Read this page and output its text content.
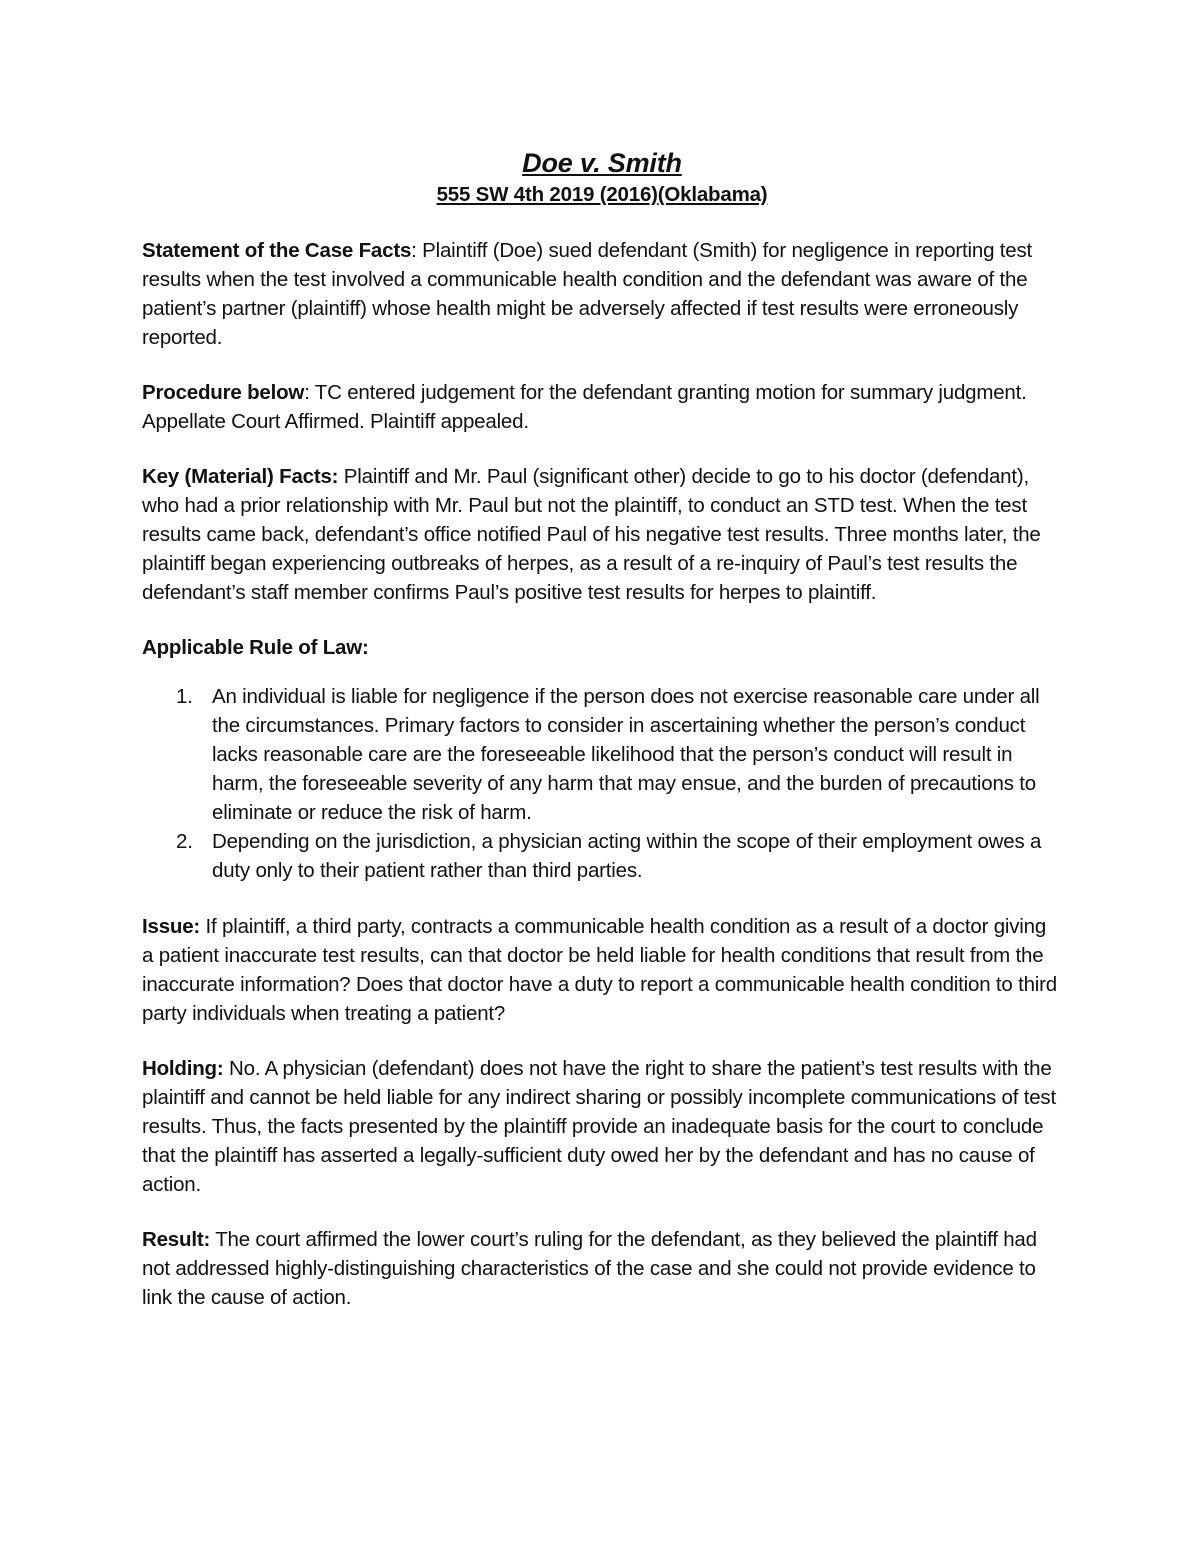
Doe v. Smith

555 SW 4th 2019 (2016)(Oklabama)

Statement of the Case Facts: Plaintiff (Doe) sued defendant (Smith) for negligence in reporting test results when the test involved a communicable health condition and the defendant was aware of the patient’s partner (plaintiff) whose health might be adversely affected if test results were erroneously reported.

Procedure below: TC entered judgement for the defendant granting motion for summary judgment. Appellate Court Affirmed. Plaintiff appealed.

Key (Material) Facts: Plaintiff and Mr. Paul (significant other) decide to go to his doctor (defendant), who had a prior relationship with Mr. Paul but not the plaintiff, to conduct an STD test. When the test results came back, defendant’s office notified Paul of his negative test results. Three months later, the plaintiff began experiencing outbreaks of herpes, as a result of a re-inquiry of Paul’s test results the defendant’s staff member confirms Paul’s positive test results for herpes to plaintiff.

Applicable Rule of Law:

1. An individual is liable for negligence if the person does not exercise reasonable care under all the circumstances. Primary factors to consider in ascertaining whether the person’s conduct lacks reasonable care are the foreseeable likelihood that the person’s conduct will result in harm, the foreseeable severity of any harm that may ensue, and the burden of precautions to eliminate or reduce the risk of harm.
2. Depending on the jurisdiction, a physician acting within the scope of their employment owes a duty only to their patient rather than third parties.

Issue: If plaintiff, a third party, contracts a communicable health condition as a result of a doctor giving a patient inaccurate test results, can that doctor be held liable for health conditions that result from the inaccurate information? Does that doctor have a duty to report a communicable health condition to third party individuals when treating a patient?

Holding: No. A physician (defendant) does not have the right to share the patient’s test results with the plaintiff and cannot be held liable for any indirect sharing or possibly incomplete communications of test results. Thus, the facts presented by the plaintiff provide an inadequate basis for the court to conclude that the plaintiff has asserted a legally-sufficient duty owed her by the defendant and has no cause of action.

Result: The court affirmed the lower court’s ruling for the defendant, as they believed the plaintiff had not addressed highly-distinguishing characteristics of the case and she could not provide evidence to link the cause of action.
